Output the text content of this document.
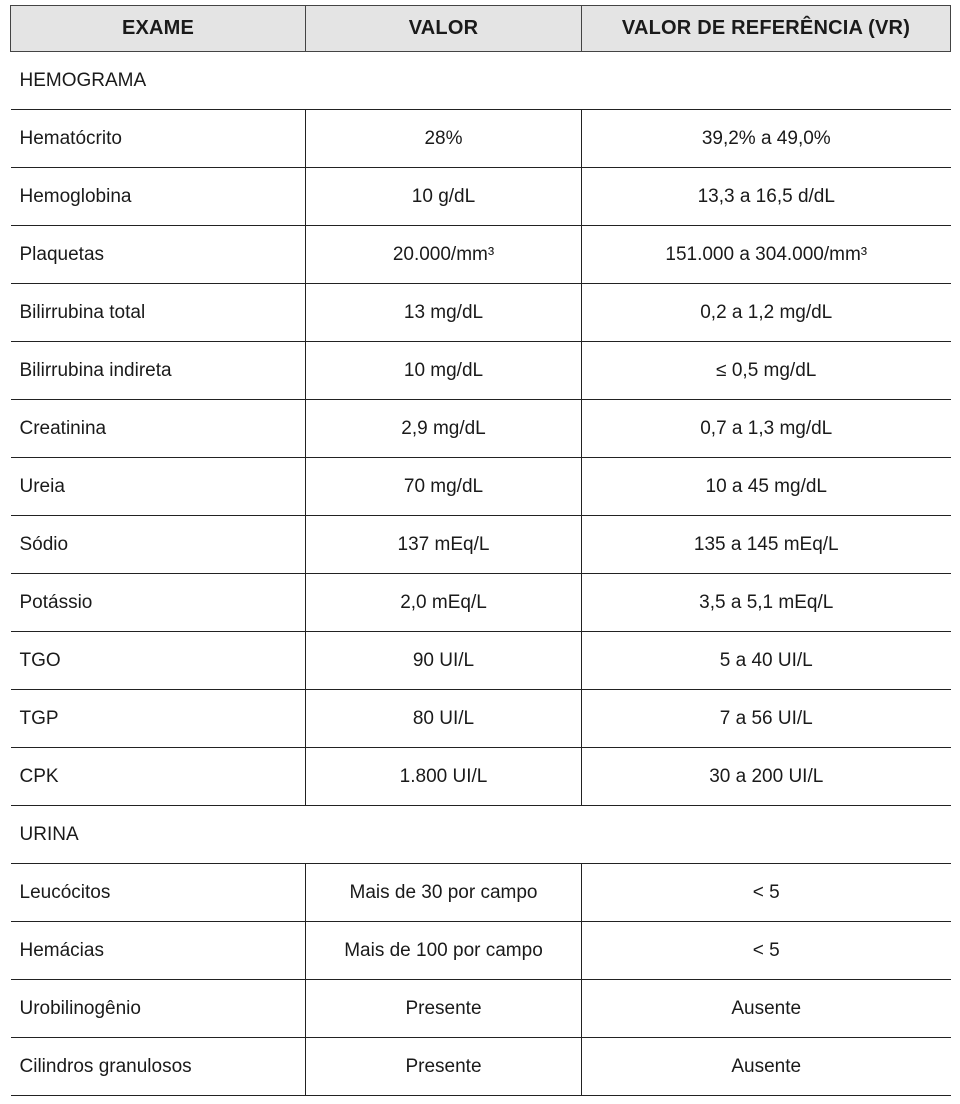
EXAME	VALOR	VALOR DE REFERÊNCIA (VR)
HEMOGRAMA		
Hematócrito	28%	39,2% a 49,0%
Hemoglobina	10 g/dL	13,3 a 16,5 d/dL
Plaquetas	20.000/mm³	151.000 a 304.000/mm³
Bilirrubina total	13 mg/dL	0,2 a 1,2 mg/dL
Bilirrubina indireta	10 mg/dL	≤ 0,5 mg/dL
Creatinina	2,9 mg/dL	0,7 a 1,3 mg/dL
Ureia	70 mg/dL	10 a 45 mg/dL
Sódio	137 mEq/L	135 a 145 mEq/L
Potássio	2,0 mEq/L	3,5 a 5,1 mEq/L
TGO	90 UI/L	5 a 40 UI/L
TGP	80 UI/L	7 a 56 UI/L
CPK	1.800 UI/L	30 a 200 UI/L
URINA		
Leucócitos	Mais de 30 por campo	< 5
Hemácias	Mais de 100 por campo	< 5
Urobilinogênio	Presente	Ausente
Cilindros granulosos	Presente	Ausente
